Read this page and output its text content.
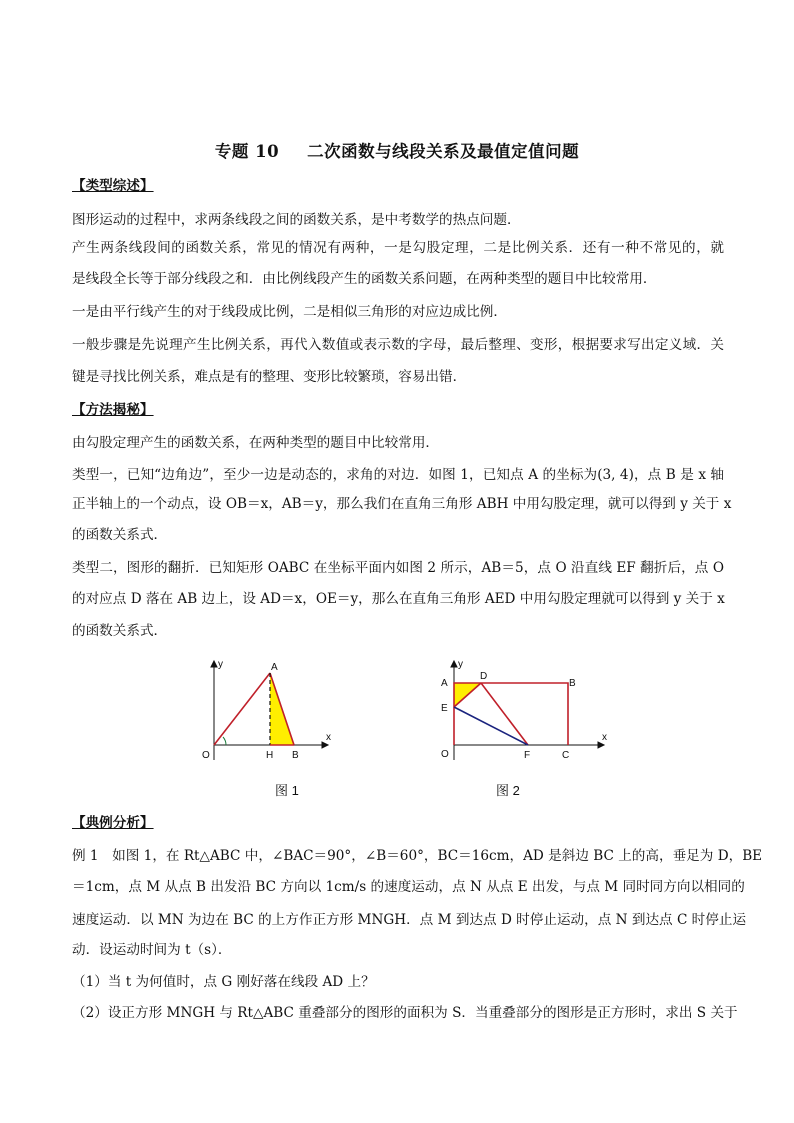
专题 10 二次函数与线段关系及最值定值问题
【类型综述】
图形运动的过程中，求两条线段之间的函数关系，是中考数学的热点问题．
产生两条线段间的函数关系，常见的情况有两种，一是勾股定理，二是比例关系．还有一种不常见的，就
是线段全长等于部分线段之和．由比例线段产生的函数关系问题，在两种类型的题目中比较常用．
一是由平行线产生的对于线段成比例，二是相似三角形的对应边成比例．
一般步骤是先说理产生比例关系，再代入数值或表示数的字母，最后整理、变形，根据要求写出定义域．关
键是寻找比例关系，难点是有的整理、变形比较繁琐，容易出错．
【方法揭秘】
由勾股定理产生的函数关系，在两种类型的题目中比较常用．
类型一，已知“边角边”，至少一边是动态的，求角的对边．如图 1，已知点 A 的坐标为(3, 4)，点 B 是 x 轴
正半轴上的一个动点，设 OB＝x，AB＝y，那么我们在直角三角形 ABH 中用勾股定理，就可以得到 y 关于 x
的函数关系式．
类型二，图形的翻折．已知矩形 OABC 在坐标平面内如图 2 所示，AB＝5，点 O 沿直线 EF 翻折后，点 O
的对应点 D 落在 AB 边上，设 AD＝x，OE＝y，那么在直角三角形 AED 中用勾股定理就可以得到 y 关于 x
的函数关系式．
y
x
O
A
H B
图 1
y
x
O
A
D
B
E
F	C
图 2
【典例分析】
例 1　如图 1，在 Rt△ABC 中，∠BAC＝90°，∠B＝60°，BC＝16cm，AD 是斜边 BC 上的高，垂足为 D，BE
＝1cm，点 M 从点 B 出发沿 BC 方向以 1cm/s 的速度运动，点 N 从点 E 出发，与点 M 同时同方向以相同的
速度运动．以 MN 为边在 BC 的上方作正方形 MNGH．点 M 到达点 D 时停止运动，点 N 到达点 C 时停止运
动．设运动时间为 t（s）．
（1）当 t 为何值时，点 G 刚好落在线段 AD 上？
（2）设正方形 MNGH 与 Rt△ABC 重叠部分的图形的面积为 S．当重叠部分的图形是正方形时，求出 S 关于
